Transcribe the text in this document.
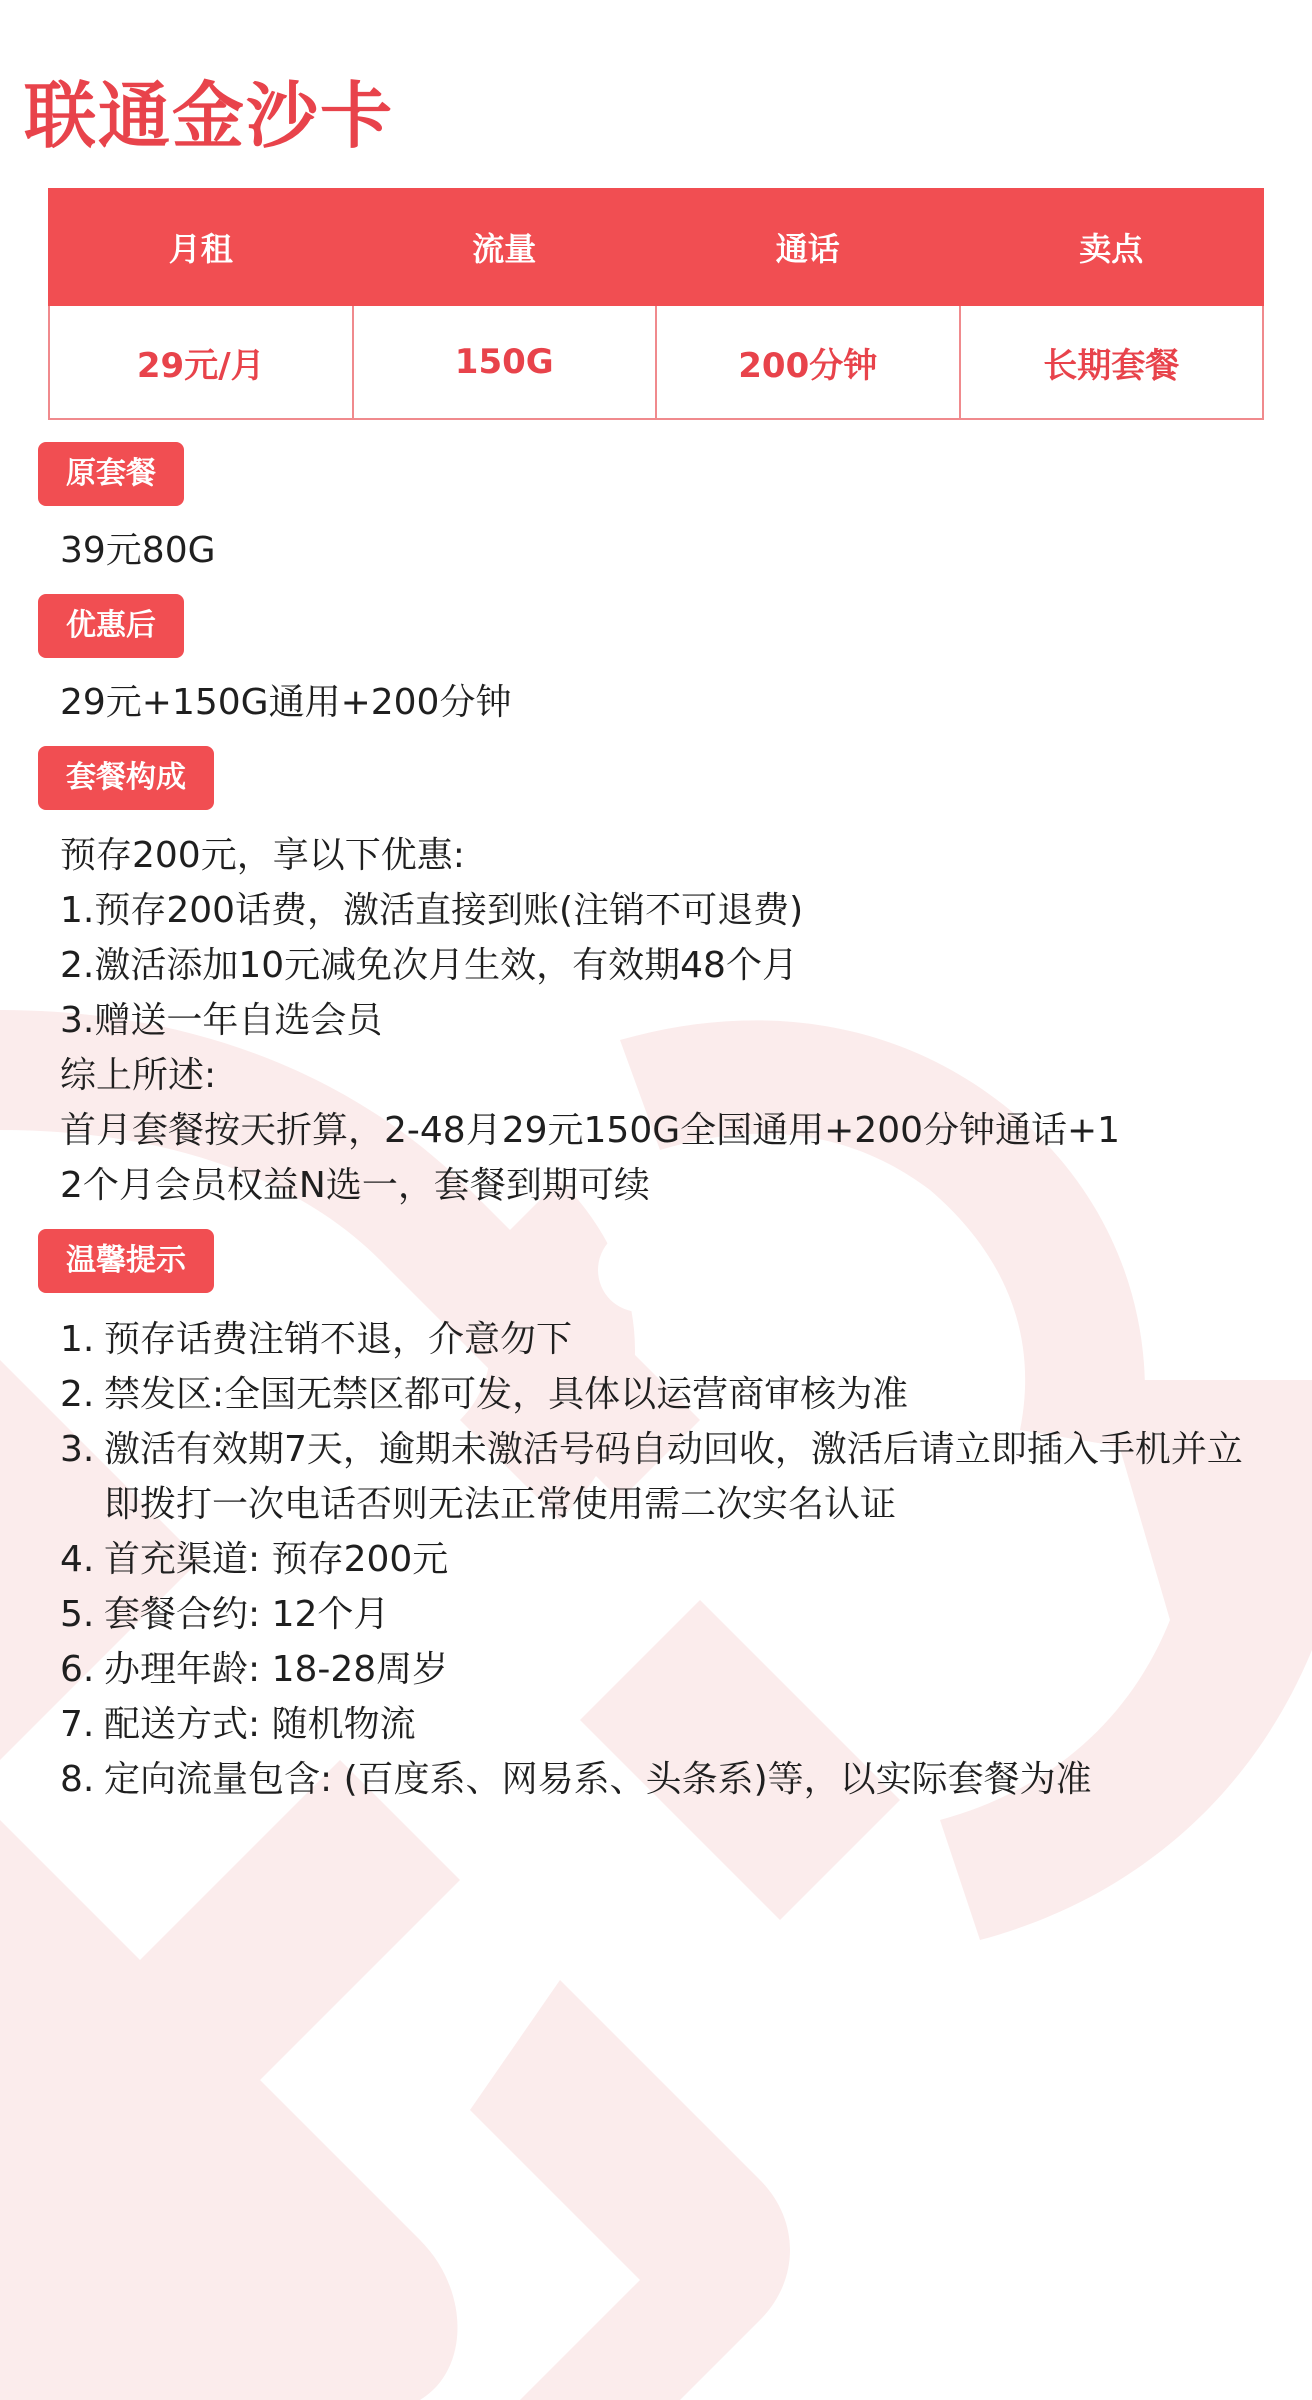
联通金沙卡
月租	流量	通话	卖点
29元/月	150G	200分钟	长期套餐
原套餐
39元80G
优惠后
29元+150G通用+200分钟
套餐构成
预存200元，享以下优惠:
1.预存200话费，激活直接到账(注销不可退费)
2.激活添加10元减免次月生效，有效期48个月
3.赠送一年自选会员
综上所述:
首月套餐按天折算，2-48月29元150G全国通用+200分钟通话+1
2个月会员权益N选一，套餐到期可续
温馨提示
1. 预存话费注销不退，介意勿下
2. 禁发区:全国无禁区都可发，具体以运营商审核为准
3. 激活有效期7天，逾期未激活号码自动回收，激活后请立即插入手机并立即拨打一次电话否则无法正常使用需二次实名认证
4. 首充渠道: 预存200元
5. 套餐合约: 12个月
6. 办理年龄: 18-28周岁
7. 配送方式: 随机物流
8. 定向流量包含: (百度系、网易系、头条系)等，以实际套餐为准
